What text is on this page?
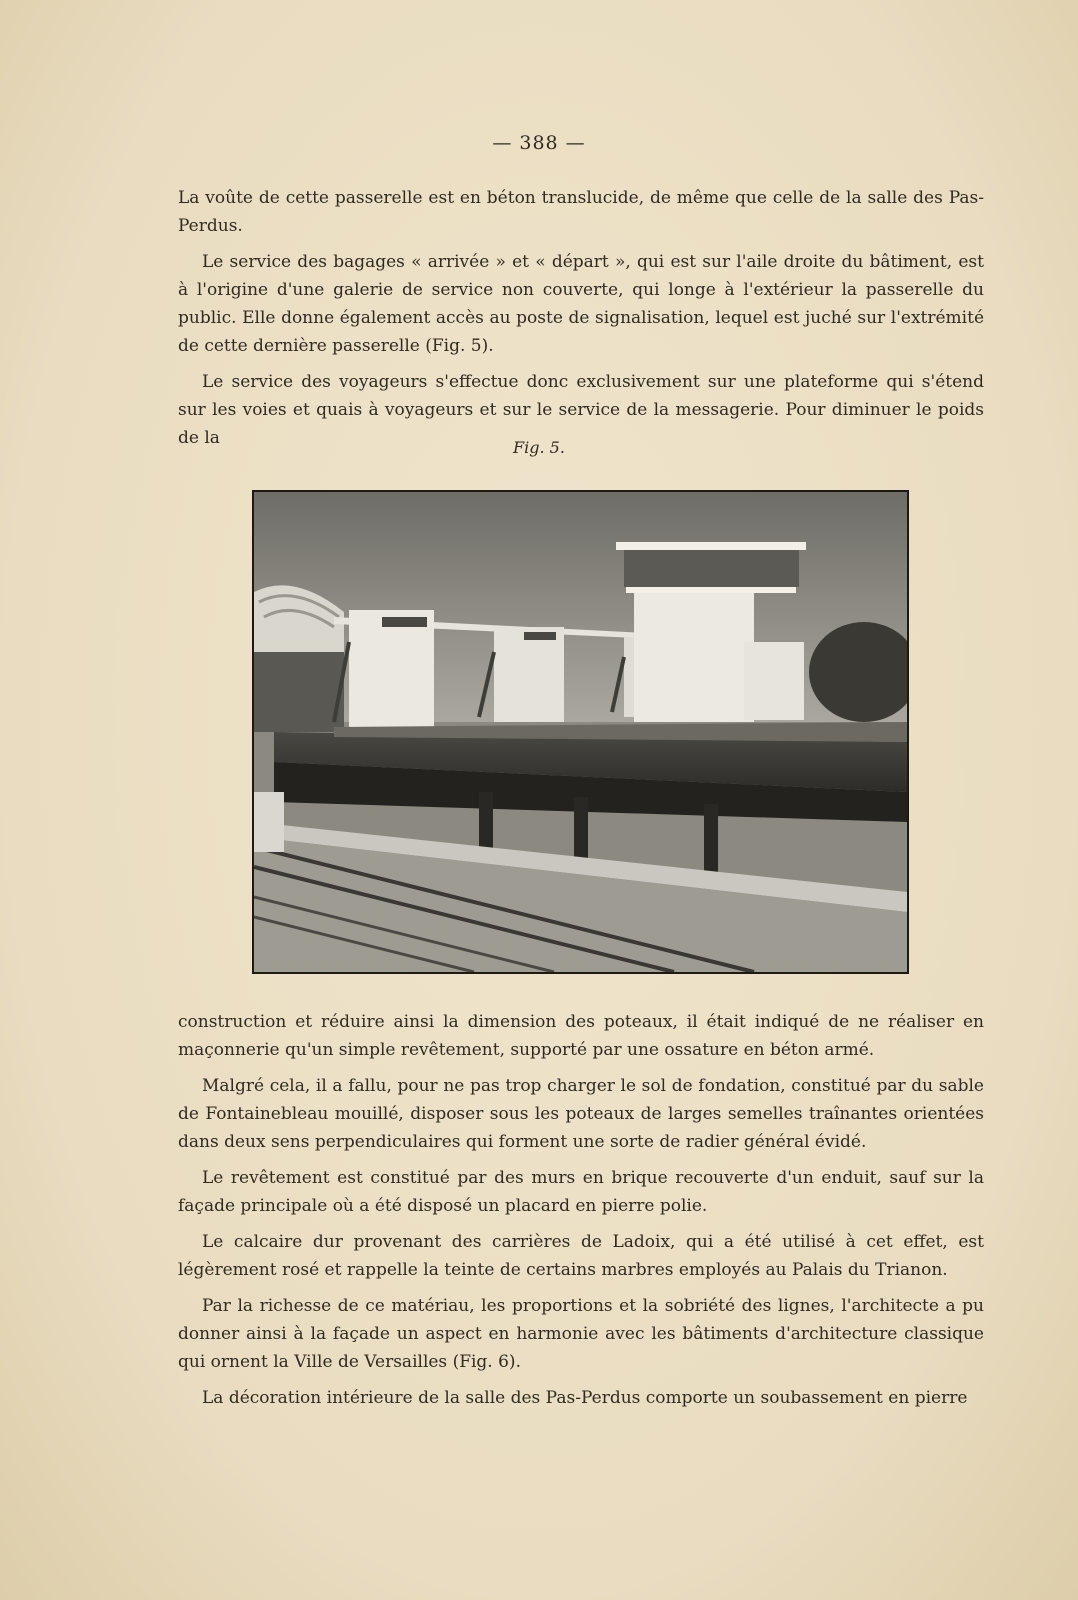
— 388 —

La voûte de cette passerelle est en béton translucide, de même que celle de la salle des Pas-Perdus.

Le service des bagages « arrivée » et « départ », qui est sur l'aile droite du bâtiment, est à l'origine d'une galerie de service non couverte, qui longe à l'extérieur la passerelle du public. Elle donne également accès au poste de signalisation, lequel est juché sur l'extrémité de cette dernière passerelle (Fig. 5).

Le service des voyageurs s'effectue donc exclusivement sur une plateforme qui s'étend sur les voies et quais à voyageurs et sur le service de la messagerie. Pour diminuer le poids de la	Fig. 5.

construction et réduire ainsi la dimension des poteaux, il était indiqué de ne réaliser en maçonnerie qu'un simple revêtement, supporté par une ossature en béton armé.

Malgré cela, il a fallu, pour ne pas trop charger le sol de fondation, constitué par du sable de Fontainebleau mouillé, disposer sous les poteaux de larges semelles traînantes orientées dans deux sens perpendiculaires qui forment une sorte de radier général évidé.

Le revêtement est constitué par des murs en brique recouverte d'un enduit, sauf sur la façade principale où a été disposé un placard en pierre polie.

Le calcaire dur provenant des carrières de Ladoix, qui a été utilisé à cet effet, est légèrement rosé et rappelle la teinte de certains marbres employés au Palais du Trianon.

Par la richesse de ce matériau, les proportions et la sobriété des lignes, l'architecte a pu donner ainsi à la façade un aspect en harmonie avec les bâtiments d'architecture classique qui ornent la Ville de Versailles (Fig. 6).

La décoration intérieure de la salle des Pas-Perdus comporte un soubassement en pierre
